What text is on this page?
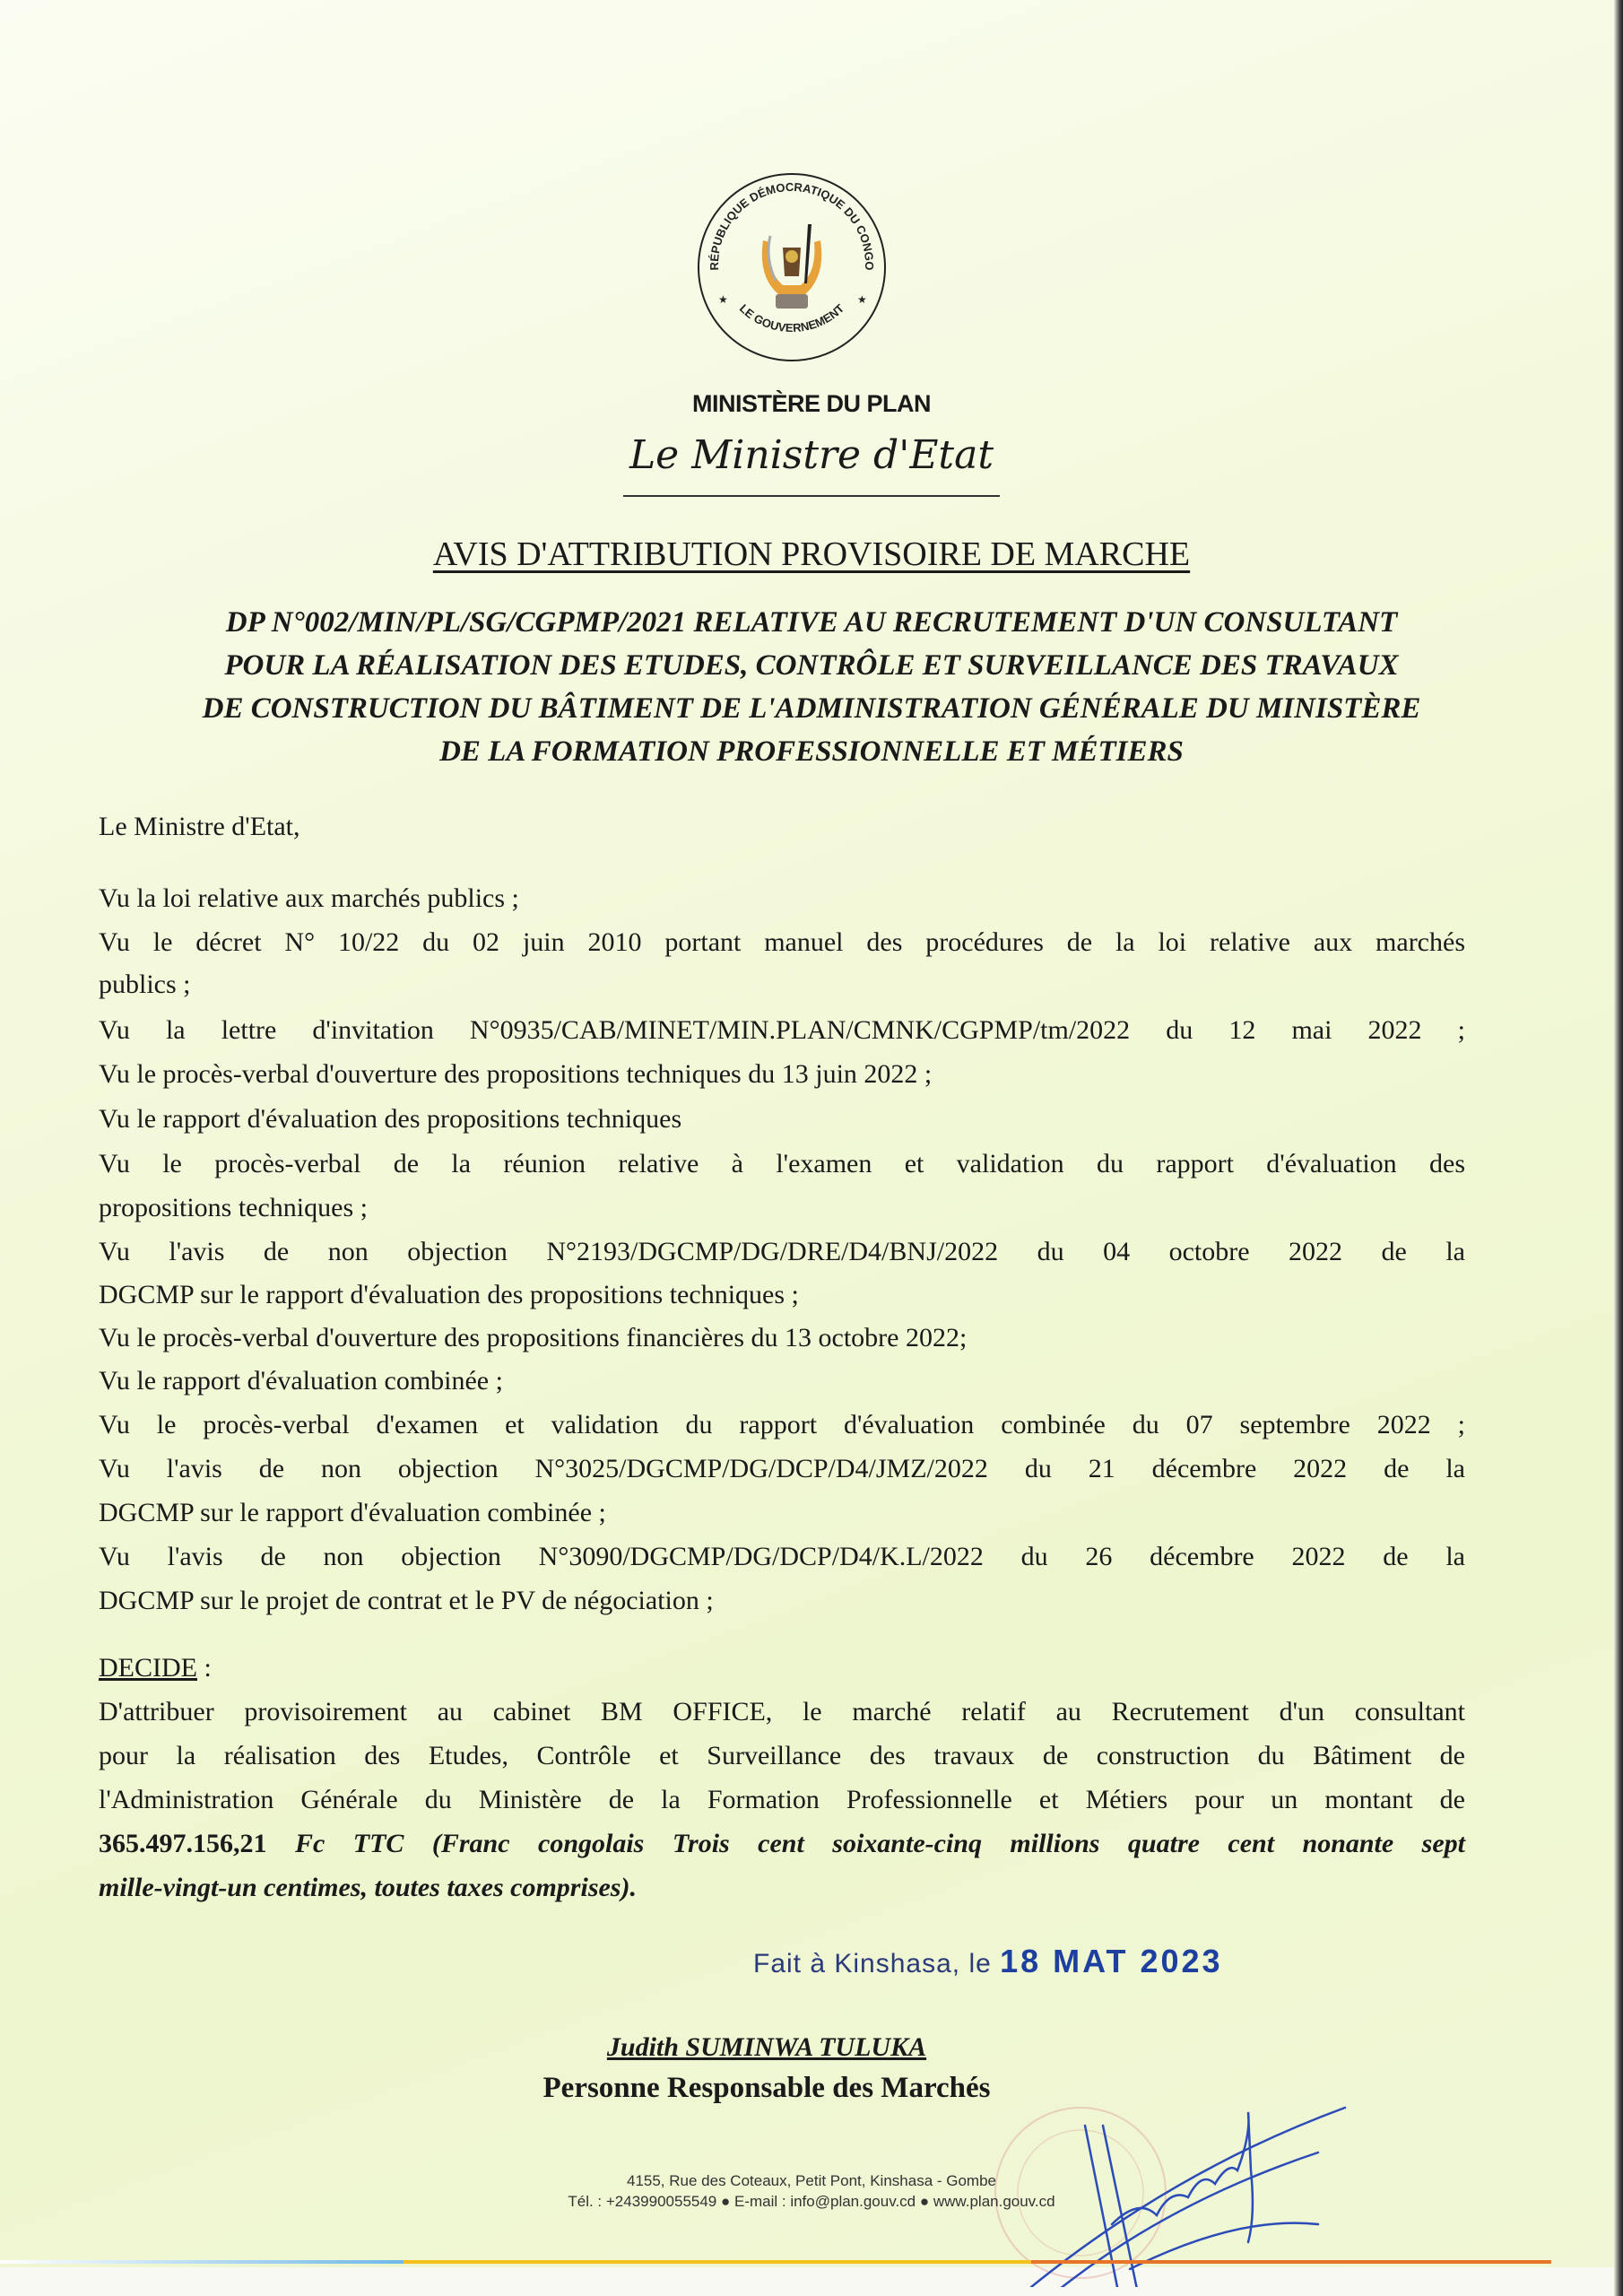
RÉPUBLIQUE DÉMOCRATIQUE DU CONGO
LE GOUVERNEMENT
★	★
MINISTÈRE DU PLAN
Le Ministre d'Etat
AVIS D'ATTRIBUTION PROVISOIRE DE MARCHE
DP N°002/MIN/PL/SG/CGPMP/2021 RELATIVE AU RECRUTEMENT D'UN CONSULTANT
POUR LA RÉALISATION DES ETUDES, CONTRÔLE ET SURVEILLANCE DES TRAVAUX
DE CONSTRUCTION DU BÂTIMENT DE L'ADMINISTRATION GÉNÉRALE DU MINISTÈRE
DE LA FORMATION PROFESSIONNELLE ET MÉTIERS
Le Ministre d'Etat,
Vu la loi relative aux marchés publics ;
Vu le décret N° 10/22 du 02 juin 2010 portant manuel des procédures de la loi relative aux marchés
publics ;
Vu la lettre d'invitation N°0935/CAB/MINET/MIN.PLAN/CMNK/CGPMP/tm/2022 du 12 mai 2022 ;
Vu le procès-verbal d'ouverture des propositions techniques du 13 juin 2022 ;
Vu le rapport d'évaluation des propositions techniques
Vu le procès-verbal de la réunion relative à l'examen et validation du rapport d'évaluation des
propositions techniques ;
Vu l'avis de non objection N°2193/DGCMP/DG/DRE/D4/BNJ/2022 du 04 octobre 2022 de la
DGCMP sur le rapport d'évaluation des propositions techniques ;
Vu le procès-verbal d'ouverture des propositions financières du 13 octobre 2022;
Vu le rapport d'évaluation combinée ;
Vu le procès-verbal d'examen et validation du rapport d'évaluation combinée du 07 septembre 2022 ;
Vu l'avis de non objection N°3025/DGCMP/DG/DCP/D4/JMZ/2022 du 21 décembre 2022 de la
DGCMP sur le rapport d'évaluation combinée ;
Vu l'avis de non objection N°3090/DGCMP/DG/DCP/D4/K.L/2022 du 26 décembre 2022 de la
DGCMP sur le projet de contrat et le PV de négociation ;
DECIDE :
D'attribuer provisoirement au cabinet BM OFFICE, le marché relatif au Recrutement d'un consultant
pour la réalisation des Etudes, Contrôle et Surveillance des travaux de construction du Bâtiment de
l'Administration Générale du Ministère de la Formation Professionnelle et Métiers pour un montant de
365.497.156,21 Fc TTC (Franc congolais Trois cent soixante-cinq millions quatre cent nonante sept
mille-vingt-un centimes, toutes taxes comprises).
Fait à Kinshasa, le 18 MAT 2023
Judith SUMINWA TULUKA
Personne Responsable des Marchés
4155, Rue des Coteaux, Petit Pont, Kinshasa - Gombe
Tél. : +243990055549 ● E-mail : info@plan.gouv.cd ● www.plan.gouv.cd
